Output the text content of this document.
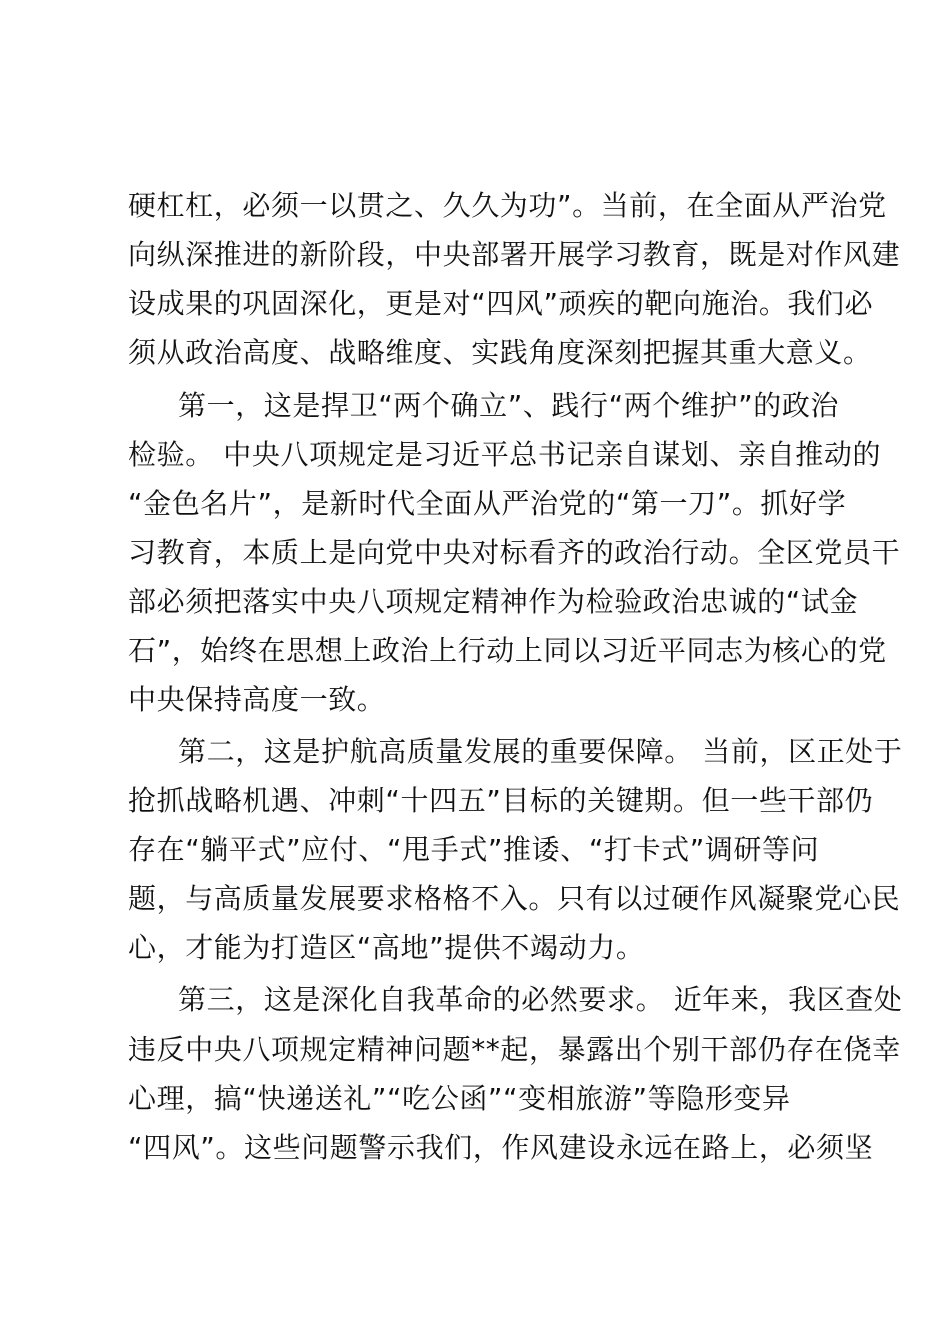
硬杠杠，必须一以贯之、久久为功”。当前，在全面从严治党
向纵深推进的新阶段，中央部署开展学习教育，既是对作风建
设成果的巩固深化，更是对“四风”顽疾的靶向施治。我们必
须从政治高度、战略维度、实践角度深刻把握其重大意义。
第一，这是捍卫“两个确立”、践行“两个维护”的政治
检验。 中央八项规定是习近平总书记亲自谋划、亲自推动的
“金色名片”，是新时代全面从严治党的“第一刀”。抓好学
习教育，本质上是向党中央对标看齐的政治行动。全区党员干
部必须把落实中央八项规定精神作为检验政治忠诚的“试金
石”，始终在思想上政治上行动上同以习近平同志为核心的党
中央保持高度一致。
第二，这是护航高质量发展的重要保障。 当前，区正处于
抢抓战略机遇、冲刺“十四五”目标的关键期。但一些干部仍
存在“躺平式”应付、“甩手式”推诿、“打卡式”调研等问
题，与高质量发展要求格格不入。只有以过硬作风凝聚党心民
心，才能为打造区“高地”提供不竭动力。
第三，这是深化自我革命的必然要求。 近年来，我区查处
违反中央八项规定精神问题**起，暴露出个别干部仍存在侥幸
心理，搞“快递送礼”“吃公函”“变相旅游”等隐形变异
“四风”。这些问题警示我们，作风建设永远在路上，必须坚
